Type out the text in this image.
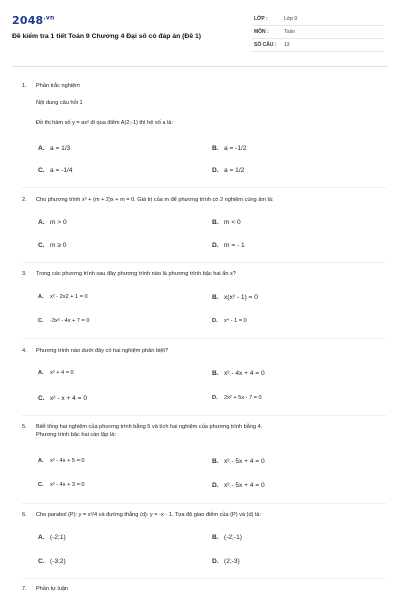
$2048^{.vn}$
Đề kiểm tra 1 tiết Toán 9 Chương 4 Đại số có đáp án (Đề 1)
LỚP :	Lớp 9
MÔN :	Toán
SỐ CÂU : 13
1.	Phần trắc nghiệm
Nội dung câu hỏi 1
Đồ thị hàm số y = ax² đi qua điểm A(2;-1) thì hệ số a là:
A. a = 1/3	B. a = -1/2
C. a = -1/4	D. a = 1/2
2.	Cho phương trình x² + (m + 2)x + m = 0. Giá trị của m để phương trình có 2 nghiệm cùng âm là:
A. m > 0	B. m < 0
C. m ≥ 0	D. m = - 1
3.	Trong các phương trình sau đây phương trình nào là phương trình bậc hai ẩn x?
A. x² - 2x2 + 1 = 0	B. x(x² - 1) = 0
C. -3x² - 4x + 7 = 0	D. x⁴ - 1 = 0
4.	Phương trình nào dưới đây có hai nghiệm phân biệt?
A. x² + 4 = 0	B. x² - 4x + 4 = 0
C. x² - x + 4 = 0	D. 2x² + 5x - 7 = 0
5.	Biết tổng hai nghiệm của phương trình bằng 5 và tích hai nghiệm của phương trình bằng 4.
Phương trình bậc hai cần lập là:
A. x² - 4x + 5 = 0	B. x² - 5x + 4 = 0
C. x² - 4x + 3 = 0	D. x² - 5x + 4 = 0
6.	Cho parabol (P): y = x²/4 và đường thẳng (d): y = -x - 1. Tọa độ giao điểm của (P) và (d) là:
A. (-2;1)	B. (-2;-1)
C. (-3;2)	D. (2;-3)
7.	Phần tự luận
